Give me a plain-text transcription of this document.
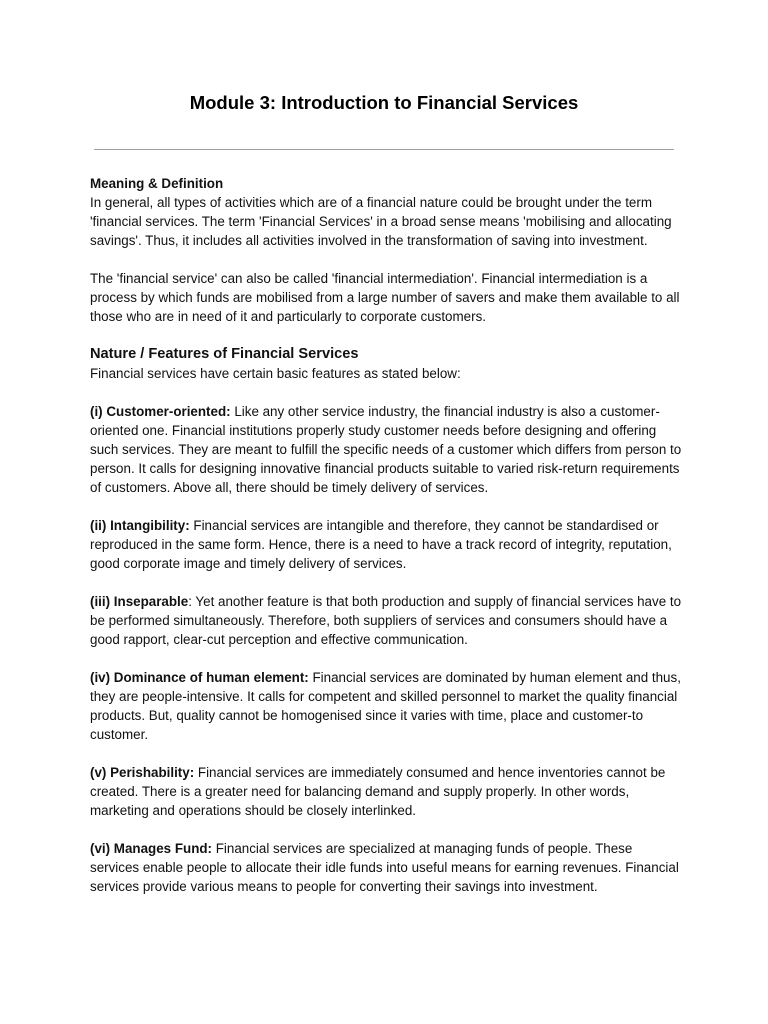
Module 3: Introduction to Financial Services

Meaning & Definition

In general, all types of activities which are of a financial nature could be brought under the term 'financial services. The term 'Financial Services' in a broad sense means 'mobilising and allocating savings'. Thus, it includes all activities involved in the transformation of saving into investment.

The 'financial service' can also be called 'financial intermediation'. Financial intermediation is a process by which funds are mobilised from a large number of savers and make them available to all those who are in need of it and particularly to corporate customers.

Nature / Features of Financial Services

Financial services have certain basic features as stated below:

(i) Customer-oriented: Like any other service industry, the financial industry is also a customer-oriented one. Financial institutions properly study customer needs before designing and offering such services. They are meant to fulfill the specific needs of a customer which differs from person to person. It calls for designing innovative financial products suitable to varied risk-return requirements of customers. Above all, there should be timely delivery of services.

(ii) Intangibility: Financial services are intangible and therefore, they cannot be standardised or reproduced in the same form. Hence, there is a need to have a track record of integrity, reputation, good corporate image and timely delivery of services.

(iii) Inseparable: Yet another feature is that both production and supply of financial services have to be performed simultaneously. Therefore, both suppliers of services and consumers should have a good rapport, clear-cut perception and effective communication.

(iv) Dominance of human element: Financial services are dominated by human element and thus, they are people-intensive. It calls for competent and skilled personnel to market the quality financial products. But, quality cannot be homogenised since it varies with time, place and customer-to customer.

(v) Perishability: Financial services are immediately consumed and hence inventories cannot be created. There is a greater need for balancing demand and supply properly. In other words, marketing and operations should be closely interlinked.

(vi) Manages Fund: Financial services are specialized at managing funds of people. These services enable people to allocate their idle funds into useful means for earning revenues. Financial services provide various means to people for converting their savings into investment.
